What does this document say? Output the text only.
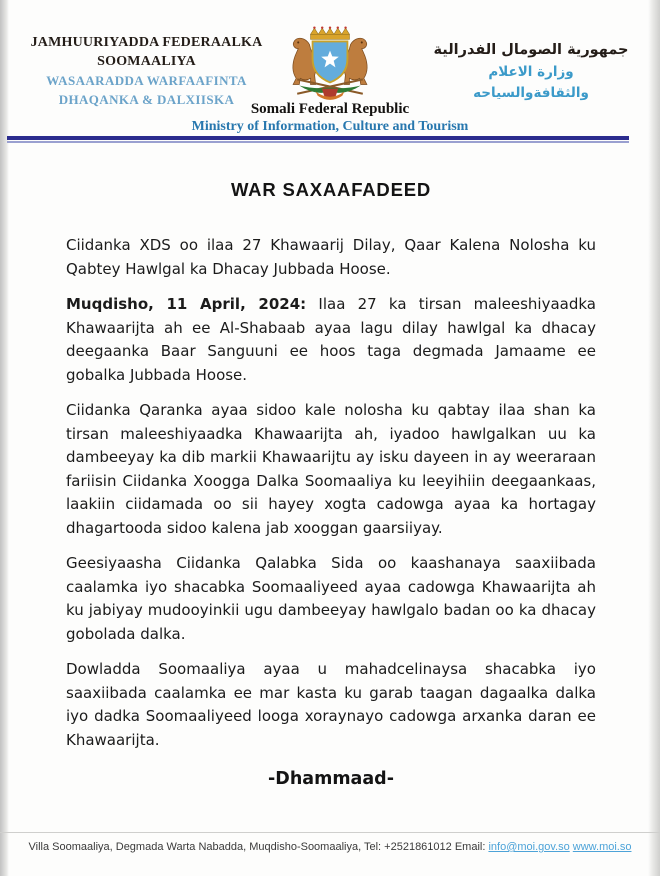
JAMHUURIYADDA FEDERAALKA
SOOMAALIYA
WASAARADDA WARFAAFINTA
DHAQANKA & DALXIISKA
جمهورية الصومال الفدرالية
وزارة الاعلام
والثقافةوالسياحه
Somali Federal Republic
Ministry of Information, Culture and Tourism
WAR SAXAAFADEED

Ciidanka XDS oo ilaa 27 Khawaarij Dilay, Qaar Kalena Nolosha ku Qabtey Hawlgal ka Dhacay Jubbada Hoose.

Muqdisho, 11 April, 2024: Ilaa 27 ka tirsan maleeshiyaadka Khawaarijta ah ee Al-Shabaab ayaa lagu dilay hawlgal ka dhacay deegaanka Baar Sanguuni ee hoos taga degmada Jamaame ee gobalka Jubbada Hoose.

Ciidanka Qaranka ayaa sidoo kale nolosha ku qabtay ilaa shan ka tirsan maleeshiyaadka Khawaarijta ah, iyadoo hawlgalkan uu ka dambeeyay ka dib markii Khawaarijtu ay isku dayeen in ay weeraraan fariisin Ciidanka Xoogga Dalka Soomaaliya ku leeyihiin deegaankaas, laakiin ciidamada oo sii hayey xogta cadowga ayaa ka hortagay dhagartooda sidoo kalena jab xooggan gaarsiiyay.

Geesiyaasha Ciidanka Qalabka Sida oo kaashanaya saaxiibada caalamka iyo shacabka Soomaaliyeed ayaa cadowga Khawaarijta ah ku jabiyay mudooyinkii ugu dambeeyay hawlgalo badan oo ka dhacay gobolada dalka.

Dowladda Soomaaliya ayaa u mahadcelinaysa shacabka iyo saaxiibada caalamka ee mar kasta ku garab taagan dagaalka dalka iyo dadka Soomaaliyeed looga xoraynayo cadowga arxanka daran ee Khawaarijta.

-Dhammaad-
Villa Soomaaliya, Degmada Warta Nabadda, Muqdisho-Soomaaliya, Tel: +2521861012 Email: info@moi.gov.so www.moi.so
